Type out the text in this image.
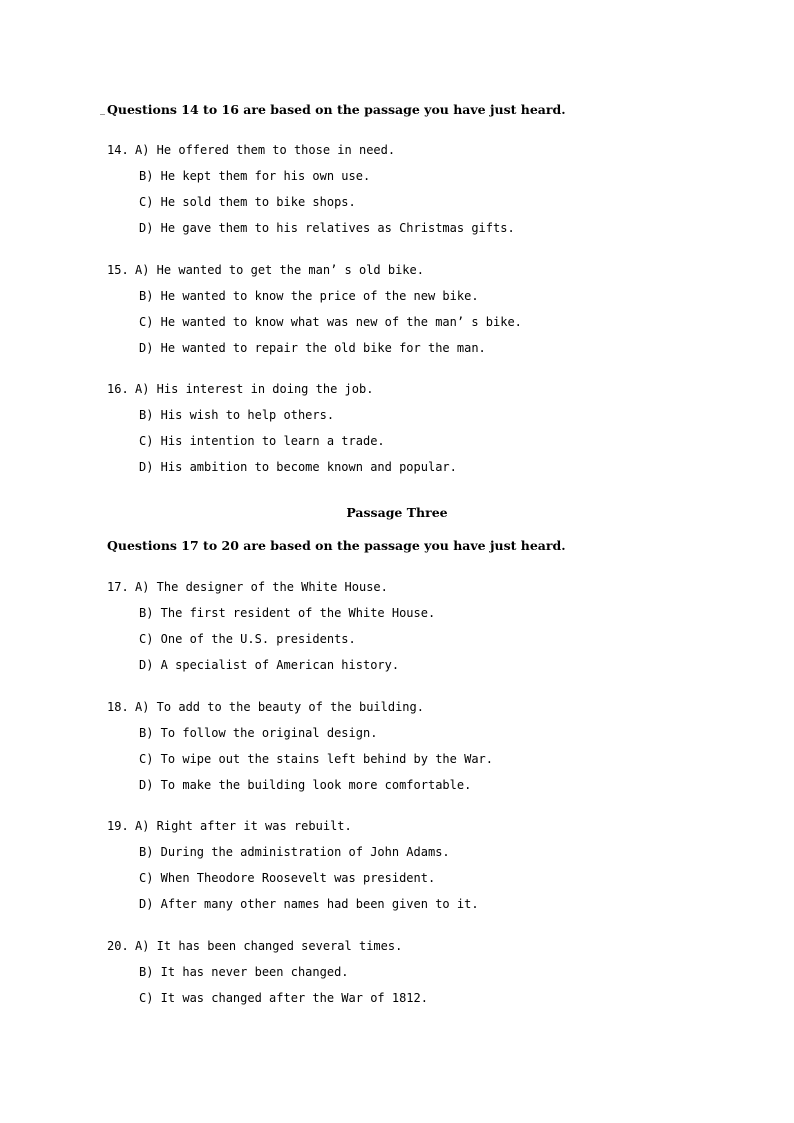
Questions 14 to 16 are based on the passage you have just heard.
14. A) He offered them to those in need.
B) He kept them for his own use.
C) He sold them to bike shops.
D) He gave them to his relatives as Christmas gifts.
15. A) He wanted to get the man’ s old bike.
B) He wanted to know the price of the new bike.
C) He wanted to know what was new of the man’ s bike.
D) He wanted to repair the old bike for the man.
16. A) His interest in doing the job.
B) His wish to help others.
C) His intention to learn a trade.
D) His ambition to become known and popular.
Passage Three
Questions 17 to 20 are based on the passage you have just heard.
17. A) The designer of the White House.
B) The first resident of the White House.
C) One of the U.S. presidents.
D) A specialist of American history.
18. A) To add to the beauty of the building.
B) To follow the original design.
C) To wipe out the stains left behind by the War.
D) To make the building look more comfortable.
19. A) Right after it was rebuilt.
B) During the administration of John Adams.
C) When Theodore Roosevelt was president.
D) After many other names had been given to it.
20. A) It has been changed several times.
B) It has never been changed.
C) It was changed after the War of 1812.
